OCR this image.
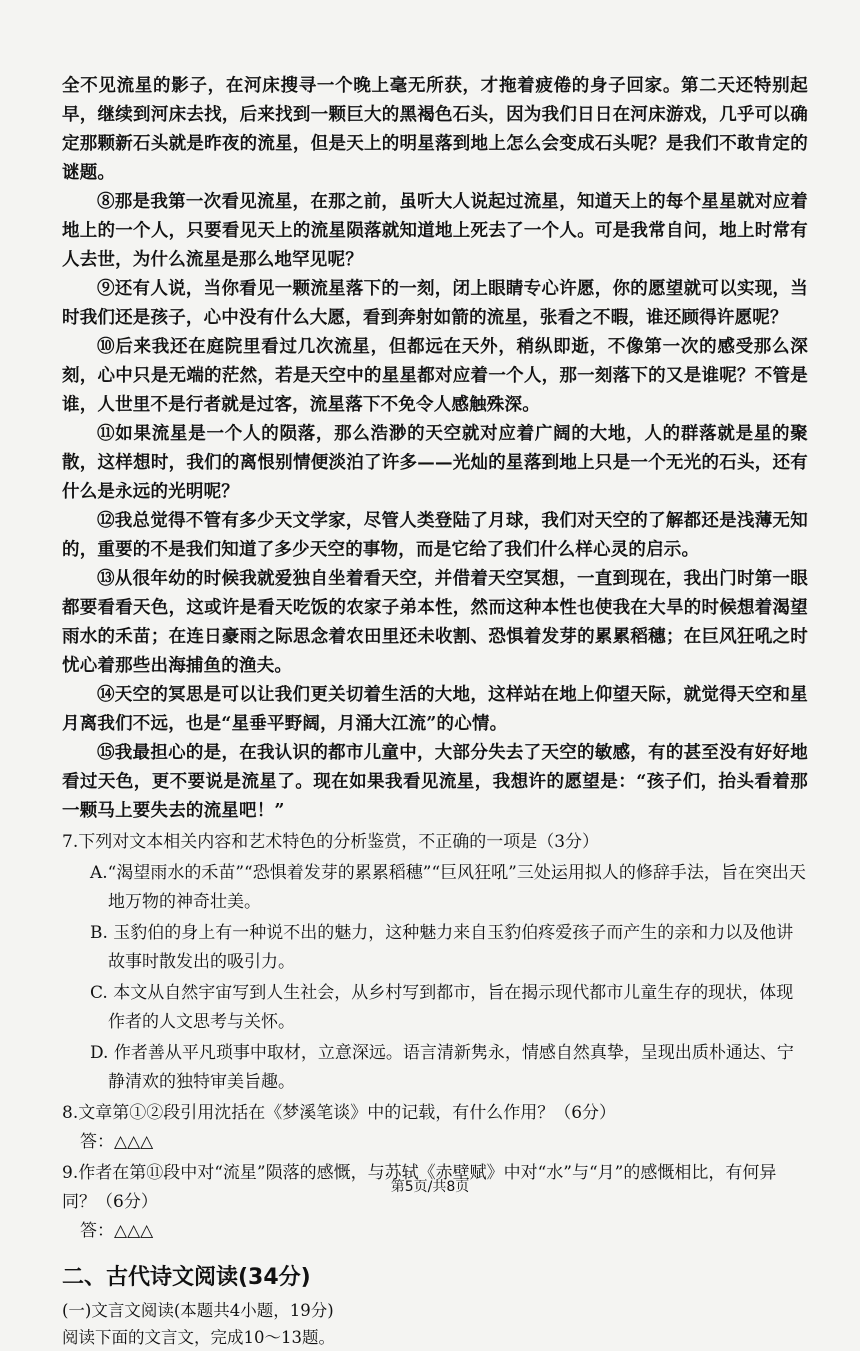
全不见流星的影子，在河床搜寻一个晚上毫无所获，才拖着疲倦的身子回家。第二天还特别起早，继续到河床去找，后来找到一颗巨大的黑褐色石头，因为我们日日在河床游戏，几乎可以确定那颗新石头就是昨夜的流星，但是天上的明星落到地上怎么会变成石头呢？是我们不敢肯定的谜题。

⑧那是我第一次看见流星，在那之前，虽听大人说起过流星，知道天上的每个星星就对应着地上的一个人，只要看见天上的流星陨落就知道地上死去了一个人。可是我常自问，地上时常有人去世，为什么流星是那么地罕见呢？

⑨还有人说，当你看见一颗流星落下的一刻，闭上眼睛专心许愿，你的愿望就可以实现，当时我们还是孩子，心中没有什么大愿，看到奔射如箭的流星，张看之不暇，谁还顾得许愿呢？

⑩后来我还在庭院里看过几次流星，但都远在天外，稍纵即逝，不像第一次的感受那么深刻，心中只是无端的茫然，若是天空中的星星都对应着一个人，那一刻落下的又是谁呢？不管是谁，人世里不是行者就是过客，流星落下不免令人感触殊深。

⑪如果流星是一个人的陨落，那么浩渺的天空就对应着广阔的大地，人的群落就是星的聚散，这样想时，我们的离恨别情便淡泊了许多——光灿的星落到地上只是一个无光的石头，还有什么是永远的光明呢？

⑫我总觉得不管有多少天文学家，尽管人类登陆了月球，我们对天空的了解都还是浅薄无知的，重要的不是我们知道了多少天空的事物，而是它给了我们什么样心灵的启示。

⑬从很年幼的时候我就爱独自坐着看天空，并借着天空冥想，一直到现在，我出门时第一眼都要看看天色，这或许是看天吃饭的农家子弟本性，然而这种本性也使我在大旱的时候想着渴望雨水的禾苗；在连日豪雨之际思念着农田里还未收割、恐惧着发芽的累累稻穗；在巨风狂吼之时忧心着那些出海捕鱼的渔夫。

⑭天空的冥思是可以让我们更关切着生活的大地，这样站在地上仰望天际，就觉得天空和星月离我们不远，也是“星垂平野阔，月涌大江流”的心情。

⑮我最担心的是，在我认识的都市儿童中，大部分失去了天空的敏感，有的甚至没有好好地看过天色，更不要说是流星了。现在如果我看见流星，我想许的愿望是：“孩子们，抬头看着那一颗马上要失去的流星吧！”

7.下列对文本相关内容和艺术特色的分析鉴赏，不正确的一项是（3分）

A.“渴望雨水的禾苗”“恐惧着发芽的累累稻穗”“巨风狂吼”三处运用拟人的修辞手法，旨在突出天地万物的神奇壮美。

B. 玉豹伯的身上有一种说不出的魅力，这种魅力来自玉豹伯疼爱孩子而产生的亲和力以及他讲故事时散发出的吸引力。

C. 本文从自然宇宙写到人生社会，从乡村写到都市，旨在揭示现代都市儿童生存的现状，体现作者的人文思考与关怀。

D. 作者善从平凡琐事中取材，立意深远。语言清新隽永，情感自然真挚，呈现出质朴通达、宁静清欢的独特审美旨趣。

8.文章第①②段引用沈括在《梦溪笔谈》中的记载，有什么作用？（6分）

答：△△△

9.作者在第⑪段中对“流星”陨落的感慨，与苏轼《赤壁赋》中对“水”与“月”的感慨相比，有何异同？（6分）

答：△△△

二、古代诗文阅读(34分)

(一)文言文阅读(本题共4小题，19分)

阅读下面的文言文，完成10～13题。

第5页/共8页
